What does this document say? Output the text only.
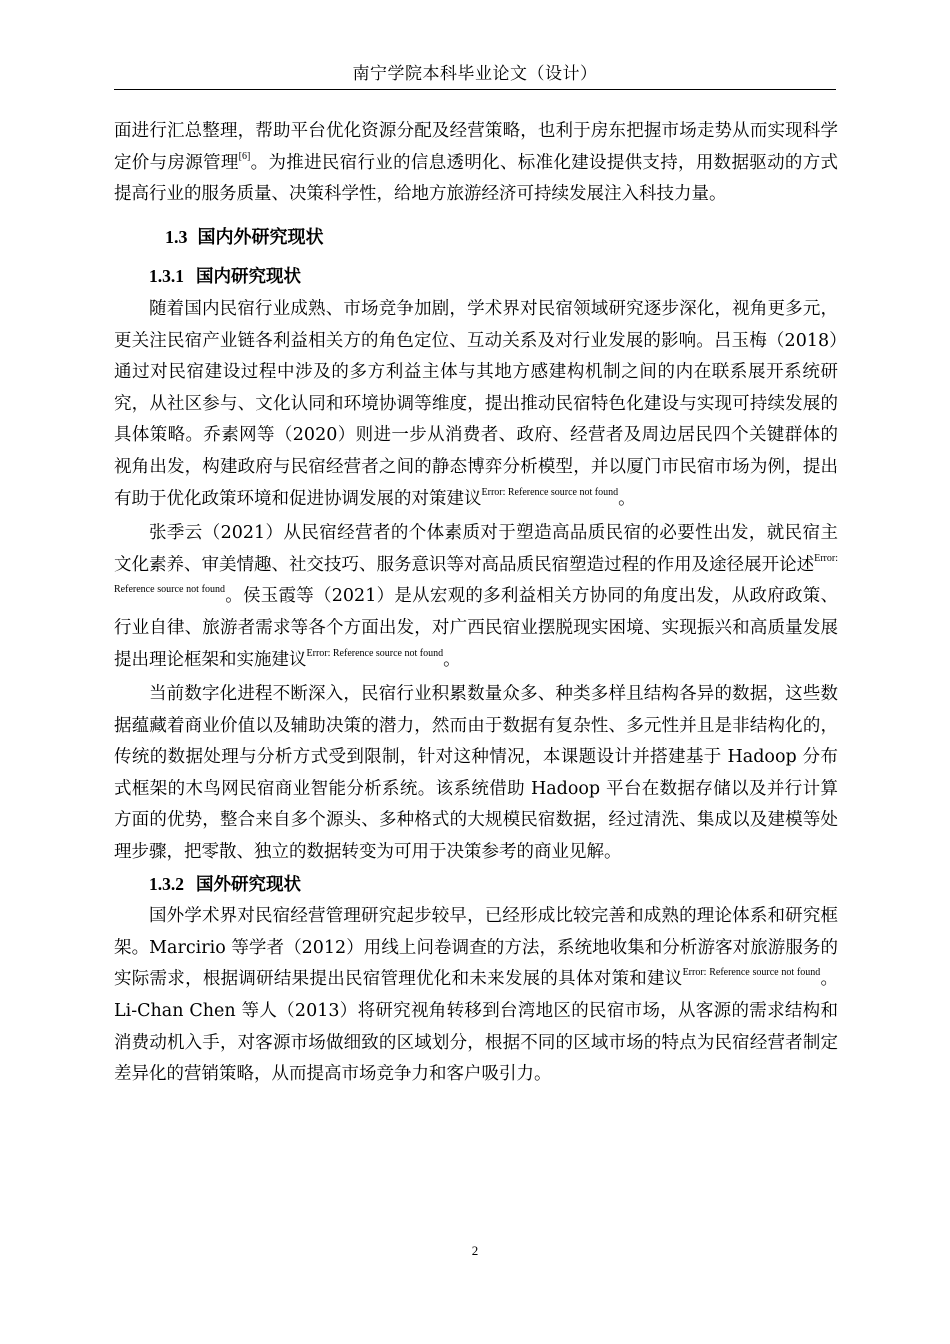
南宁学院本科毕业论文（设计）

面进行汇总整理，帮助平台优化资源分配及经营策略，也利于房东把握市场走势从而实现科学定价与房源管理[6]。为推进民宿行业的信息透明化、标准化建设提供支持，用数据驱动的方式提高行业的服务质量、决策科学性，给地方旅游经济可持续发展注入科技力量。

1.3 国内外研究现状
1.3.1 国内研究现状

随着国内民宿行业成熟、市场竞争加剧，学术界对民宿领域研究逐步深化，视角更多元，更关注民宿产业链各利益相关方的角色定位、互动关系及对行业发展的影响。吕玉梅（2018）通过对民宿建设过程中涉及的多方利益主体与其地方感建构机制之间的内在联系展开系统研究，从社区参与、文化认同和环境协调等维度，提出推动民宿特色化建设与实现可持续发展的具体策略。乔素网等（2020）则进一步从消费者、政府、经营者及周边居民四个关键群体的视角出发，构建政府与民宿经营者之间的静态博弈分析模型，并以厦门市民宿市场为例，提出有助于优化政策环境和促进协调发展的对策建议$^{Error: Reference source not found}$。

张季云（2021）从民宿经营者的个体素质对于塑造高品质民宿的必要性出发，就民宿主文化素养、审美情趣、社交技巧、服务意识等对高品质民宿塑造过程的作用及途径展开论述$^{Error: Reference source not found}$。侯玉霞等（2021）是从宏观的多利益相关方协同的角度出发，从政府政策、行业自律、旅游者需求等各个方面出发，对广西民宿业摆脱现实困境、实现振兴和高质量发展提出理论框架和实施建议$^{Error: Reference source not found}$。

当前数字化进程不断深入，民宿行业积累数量众多、种类多样且结构各异的数据，这些数据蕴藏着商业价值以及辅助决策的潜力，然而由于数据有复杂性、多元性并且是非结构化的，传统的数据处理与分析方式受到限制，针对这种情况，本课题设计并搭建基于 Hadoop 分布式框架的木鸟网民宿商业智能分析系统。该系统借助 Hadoop 平台在数据存储以及并行计算方面的优势，整合来自多个源头、多种格式的大规模民宿数据，经过清洗、集成以及建模等处理步骤，把零散、独立的数据转变为可用于决策参考的商业见解。

1.3.2 国外研究现状

国外学术界对民宿经营管理研究起步较早，已经形成比较完善和成熟的理论体系和研究框架。Marcirio 等学者（2012）用线上问卷调查的方法，系统地收集和分析游客对旅游服务的实际需求，根据调研结果提出民宿管理优化和未来发展的具体对策和建议$^{Error: Reference source not found}$。Li-Chan Chen 等人（2013）将研究视角转移到台湾地区的民宿市场，从客源的需求结构和消费动机入手，对客源市场做细致的区域划分，根据不同的区域市场的特点为民宿经营者制定差异化的营销策略，从而提高市场竞争力和客户吸引力。

2
